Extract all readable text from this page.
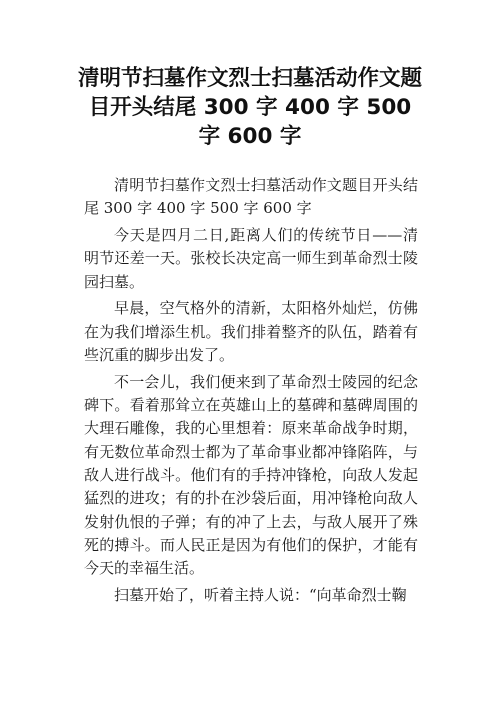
清明节扫墓作文烈士扫墓活动作文题目开头结尾 300 字 400 字 500 字 600 字

清明节扫墓作文烈士扫墓活动作文题目开头结尾 300 字 400 字 500 字 600 字

今天是四月二日,距离人们的传统节日——清明节还差一天。张校长决定高一师生到革命烈士陵园扫墓。

早晨，空气格外的清新，太阳格外灿烂，仿佛在为我们增添生机。我们排着整齐的队伍，踏着有些沉重的脚步出发了。

不一会儿，我们便来到了革命烈士陵园的纪念碑下。看着那耸立在英雄山上的墓碑和墓碑周围的大理石雕像，我的心里想着：原来革命战争时期，有无数位革命烈士都为了革命事业都冲锋陷阵，与敌人进行战斗。他们有的手持冲锋枪，向敌人发起猛烈的进攻；有的扑在沙袋后面，用冲锋枪向敌人发射仇恨的子弹；有的冲了上去，与敌人展开了殊死的搏斗。而人民正是因为有他们的保护，才能有今天的幸福生活。

扫墓开始了，听着主持人说：“向革命烈士鞠
